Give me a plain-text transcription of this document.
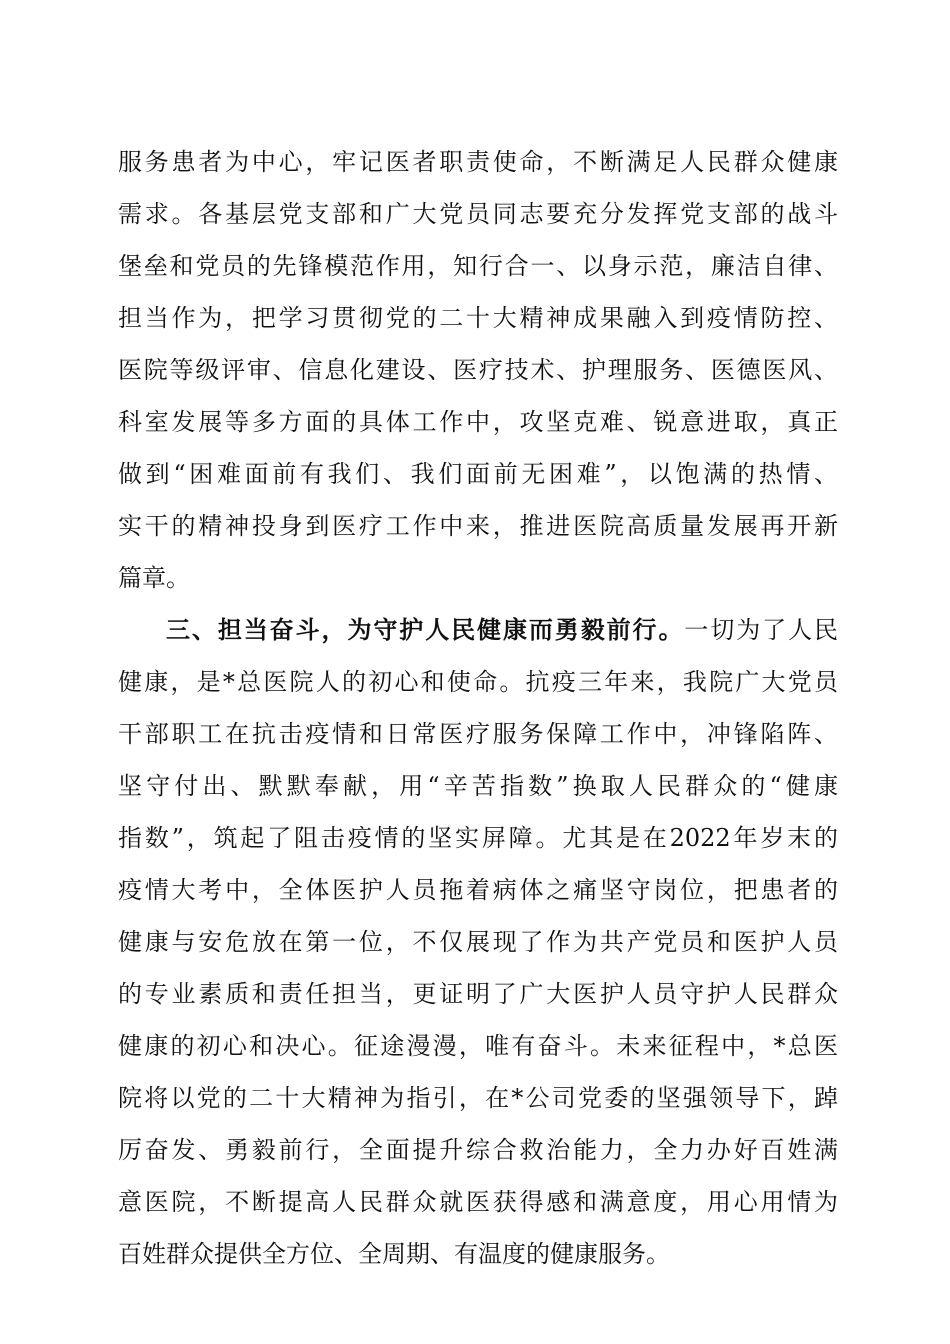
服务患者为中心，牢记医者职责使命，不断满足人民群众健康
需求。各基层党支部和广大党员同志要充分发挥党支部的战斗
堡垒和党员的先锋模范作用，知行合一、以身示范，廉洁自律、
担当作为，把学习贯彻党的二十大精神成果融入到疫情防控、
医院等级评审、信息化建设、医疗技术、护理服务、医德医风、
科室发展等多方面的具体工作中，攻坚克难、锐意进取，真正
做到“困难面前有我们、我们面前无困难”，以饱满的热情、
实干的精神投身到医疗工作中来，推进医院高质量发展再开新
篇章。
三、担当奋斗，为守护人民健康而勇毅前行。一切为了人民
健康，是*总医院人的初心和使命。抗疫三年来，我院广大党员
干部职工在抗击疫情和日常医疗服务保障工作中，冲锋陷阵、
坚守付出、默默奉献，用“辛苦指数”换取人民群众的“健康
指数”，筑起了阻击疫情的坚实屏障。尤其是在2022年岁末的
疫情大考中，全体医护人员拖着病体之痛坚守岗位，把患者的
健康与安危放在第一位，不仅展现了作为共产党员和医护人员
的专业素质和责任担当，更证明了广大医护人员守护人民群众
健康的初心和决心。征途漫漫，唯有奋斗。未来征程中，*总医
院将以党的二十大精神为指引，在*公司党委的坚强领导下，踔
厉奋发、勇毅前行，全面提升综合救治能力，全力办好百姓满
意医院，不断提高人民群众就医获得感和满意度，用心用情为
百姓群众提供全方位、全周期、有温度的健康服务。
